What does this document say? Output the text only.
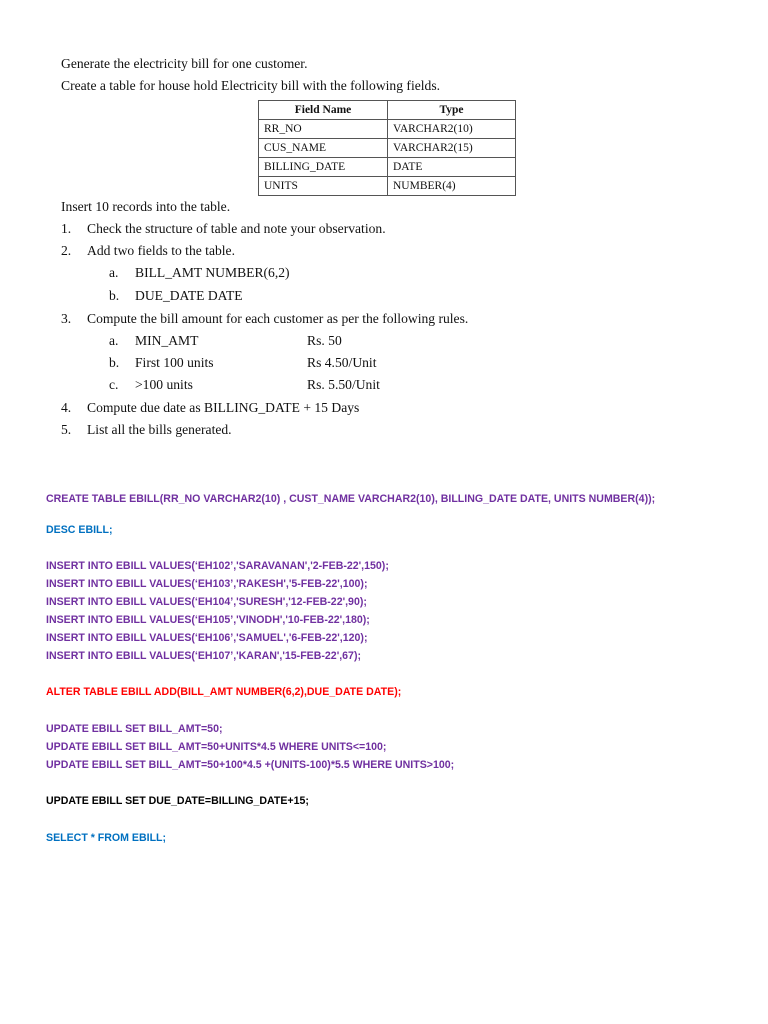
Generate the electricity bill for one customer.
Create a table for house hold Electricity bill with the following fields.
Field Name	Type
RR_NO	VARCHAR2(10)
CUS_NAME	VARCHAR2(15)
BILLING_DATE	DATE
UNITS	NUMBER(4)
Insert 10 records into the table.
1. Check the structure of table and note your observation.
2. Add two fields to the table.
a. BILL_AMT NUMBER(6,2)
b. DUE_DATE DATE
3. Compute the bill amount for each customer as per the following rules.
a. MIN_AMT	Rs. 50
b. First 100 units	Rs 4.50/Unit
c. >100 units	Rs. 5.50/Unit
4. Compute due date as BILLING_DATE + 15 Days
5. List all the bills generated.
CREATE TABLE EBILL(RR_NO VARCHAR2(10) , CUST_NAME VARCHAR2(10), BILLING_DATE DATE, UNITS NUMBER(4));
DESC EBILL;
INSERT INTO EBILL VALUES(‘EH102’,'SARAVANAN','2-FEB-22',150);
INSERT INTO EBILL VALUES(‘EH103’,'RAKESH','5-FEB-22',100);
INSERT INTO EBILL VALUES(‘EH104’,'SURESH','12-FEB-22',90);
INSERT INTO EBILL VALUES(‘EH105’,'VINODH','10-FEB-22',180);
INSERT INTO EBILL VALUES(‘EH106’,'SAMUEL','6-FEB-22',120);
INSERT INTO EBILL VALUES(‘EH107’,'KARAN','15-FEB-22',67);
ALTER TABLE EBILL ADD(BILL_AMT NUMBER(6,2),DUE_DATE DATE);
UPDATE EBILL SET BILL_AMT=50;
UPDATE EBILL SET BILL_AMT=50+UNITS*4.5 WHERE UNITS<=100;
UPDATE EBILL SET BILL_AMT=50+100*4.5 +(UNITS-100)*5.5 WHERE UNITS>100;
UPDATE EBILL SET DUE_DATE=BILLING_DATE+15;
SELECT * FROM EBILL;
